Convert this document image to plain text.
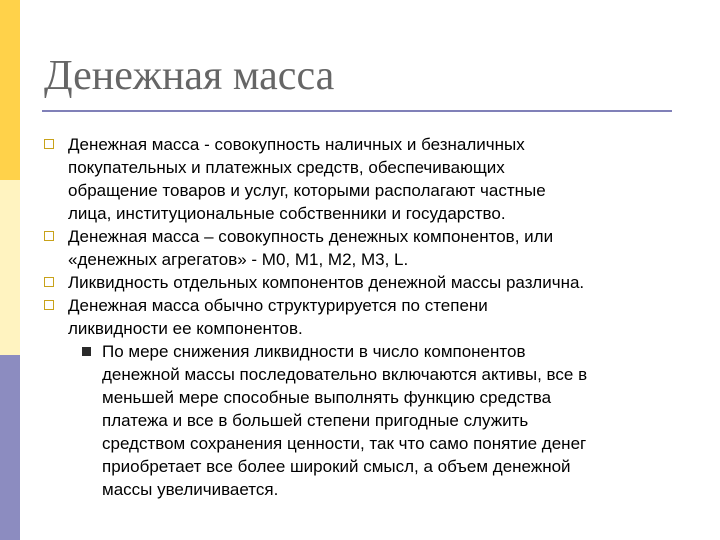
Денежная масса
Денежная масса - совокупность наличных и безналичных
покупательных и платежных средств, обеспечивающих
обращение товаров и услуг, которыми располагают частные
лица, институциональные собственники и государство.
Денежная масса – совокупность денежных компонентов, или
«денежных агрегатов» - М0, М1, М2, М3, L.
Ликвидность отдельных компонентов денежной массы различна.
Денежная масса обычно структурируется по степени
ликвидности ее компонентов.
По мере снижения ликвидности в число компонентов
денежной массы последовательно включаются активы, все в
меньшей мере способные выполнять функцию средства
платежа и все в большей степени пригодные служить
средством сохранения ценности, так что само понятие денег
приобретает все более широкий смысл, а объем денежной
массы увеличивается.
